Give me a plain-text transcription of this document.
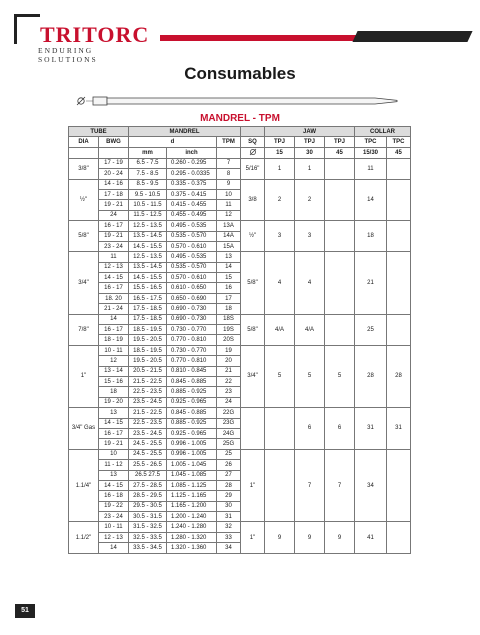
TRITORC
ENDURING SOLUTIONS
Consumables
MANDREL - TPM
TUBE		MANDREL				JAW			COLLAR	
DIA	BWG	d		TPM	SQ	TPJ	TPJ	TPJ	TPC	TPC
		mm	inch			15	30	45	15/30	45
3/8"	17 - 19	6.5 - 7.5	0.260 - 0.295	7	5/16"	1	1		11	
	20 - 24	7.5 - 8.5	0.295 - 0.0335	8						
½"	14 - 16	8.5 - 9.5	0.335 - 0.375	9	3/8	2	2		14	
	17 - 18	9.5 - 10.5	0.375 - 0.415	10						
	19 - 21	10.5 - 11.5	0.415 - 0.455	11						
	24	11.5 - 12.5	0.455 - 0.495	12						
5/8"	16 - 17	12.5 - 13.5	0.495 - 0.535	13A	½"	3	3		18	
	19 - 21	13.5 - 14.5	0.535 - 0.570	14A						
	23 - 24	14.5 - 15.5	0.570 - 0.610	15A						
3/4"	11	12.5 - 13.5	0.495 - 0.535	13	5/8"	4	4		21	
	12 - 13	13.5 - 14.5	0.535 - 0.570	14						
	14 - 15	14.5 - 15.5	0.570 - 0.610	15						
	16 - 17	15.5 - 16.5	0.610 - 0.650	16						
	18. 20	16.5 - 17.5	0.650 - 0.690	17						
	21 - 24	17.5 - 18.5	0.690 - 0.730	18						
7/8"	14	17.5 - 18.5	0.690 - 0.730	18S	5/8"	4/A	4/A		25	
	16 - 17	18.5 - 19.5	0.730 - 0.770	19S						
	18 - 19	19.5 - 20.5	0.770 - 0.810	20S						
1"	10 - 11	18.5 - 19.5	0.730 - 0.770	19	3/4"	5	5	5	28	28
	12	19.5 - 20.5	0.770 - 0.810	20						
	13 - 14	20.5 - 21.5	0.810 - 0.845	21						
	15 - 16	21.5 - 22.5	0.845 - 0.885	22						
	18	22.5 - 23.5	0.885 - 0.925	23						
	19 - 20	23.5 - 24.5	0.925 - 0.965	24						
3/4" Gas	13	21.5 - 22.5	0.845 - 0.885	22G			6	6	31	31
	14 - 15	22.5 - 23.5	0.885 - 0.925	23G						
	16 - 17	23.5 - 24.5	0.925 - 0.965	24G						
	19 - 21	24.5 - 25.5	0.996 - 1.005	25G						
1.1/4"	10	24.5 - 25.5	0.996 - 1.005	25	1"		7	7	34	
	11 - 12	25.5 - 26.5	1.005 - 1.045	26						
	13	26.5 27.5	1.045 - 1.085	27						
	14 - 15	27.5 - 28.5	1.085 - 1.125	28						
	16 - 18	28.5 - 29.5	1.125 - 1.165	29						
	19 - 22	29.5 - 30.5	1.165 - 1.200	30						
	23 - 24	30.5 - 31.5	1.200 - 1.240	31						
1.1/2"	10 - 11	31.5 - 32.5	1.240 - 1.280	32	1"	9	9	9	41	
	12 - 13	32.5 - 33.5	1.280 - 1.320	33						
	14	33.5 - 34.5	1.320 - 1.360	34						
51
